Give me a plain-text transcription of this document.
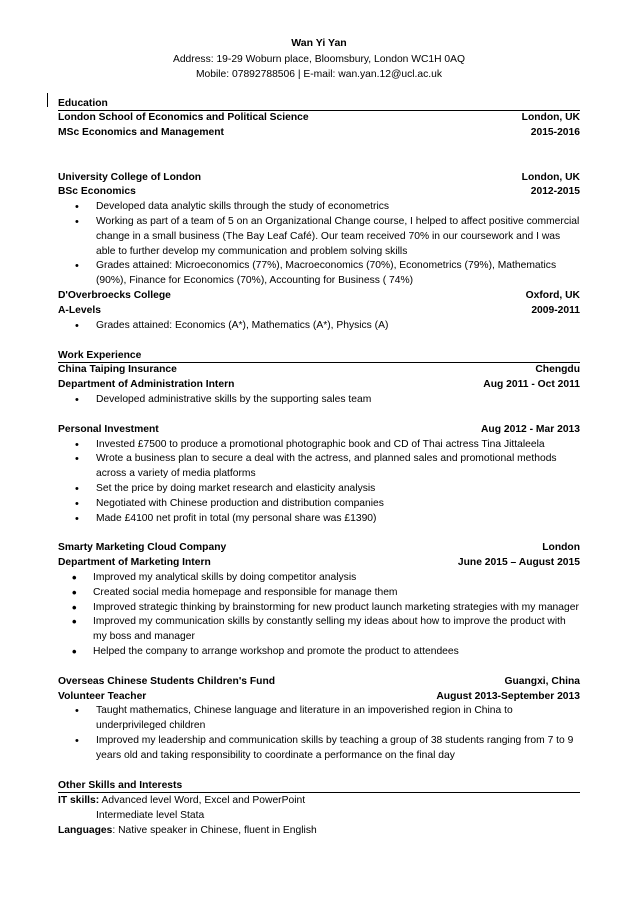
Wan Yi Yan
Address: 19-29 Woburn place, Bloomsbury, London WC1H 0AQ
Mobile: 07892788506 | E-mail: wan.yan.12@ucl.ac.uk
Education
London School of Economics and Political Science	London, UK
MSc Economics and Management	2015-2016
University College of London	London, UK
BSc Economics	2012-2015
• Developed data analytic skills through the study of econometrics
• Working as part of a team of 5 on an Organizational Change course, I helped to affect positive commercial change in a small business (The Bay Leaf Café). Our team received 70% in our coursework and I was able to further develop my communication and problem solving skills
• Grades attained: Microeconomics (77%), Macroeconomics (70%), Econometrics (79%), Mathematics (90%), Finance for Economics (70%), Accounting for Business ( 74%)
D'Overbroecks College	Oxford, UK
A-Levels	2009-2011
• Grades attained: Economics (A*), Mathematics (A*), Physics (A)
Work Experience
China Taiping Insurance	Chengdu
Department of Administration Intern	Aug 2011 - Oct 2011
• Developed administrative skills by the supporting sales team
Personal Investment	Aug 2012 - Mar 2013
• Invested £7500 to produce a promotional photographic book and CD of Thai actress Tina Jittaleela
• Wrote a business plan to secure a deal with the actress, and planned sales and promotional methods across a variety of media platforms
• Set the price by doing market research and elasticity analysis
• Negotiated with Chinese production and distribution companies
• Made £4100 net profit in total (my personal share was £1390)
Smarty Marketing Cloud Company	London
Department of Marketing Intern	June 2015 – August 2015
• Improved my analytical skills by doing competitor analysis
• Created social media homepage and responsible for manage them
• Improved strategic thinking by brainstorming for new product launch marketing strategies with my manager
• Improved my communication skills by constantly selling my ideas about how to improve the product with my boss and manager
• Helped the company to arrange workshop and promote the product to attendees
Overseas Chinese Students Children's Fund	Guangxi, China
Volunteer Teacher	August 2013-September 2013
• Taught mathematics, Chinese language and literature in an impoverished region in China to underprivileged children
• Improved my leadership and communication skills by teaching a group of 38 students ranging from 7 to 9 years old and taking responsibility to coordinate a performance on the final day
Other Skills and Interests
IT skills: Advanced level Word, Excel and PowerPoint
Intermediate level Stata
Languages: Native speaker in Chinese, fluent in English
